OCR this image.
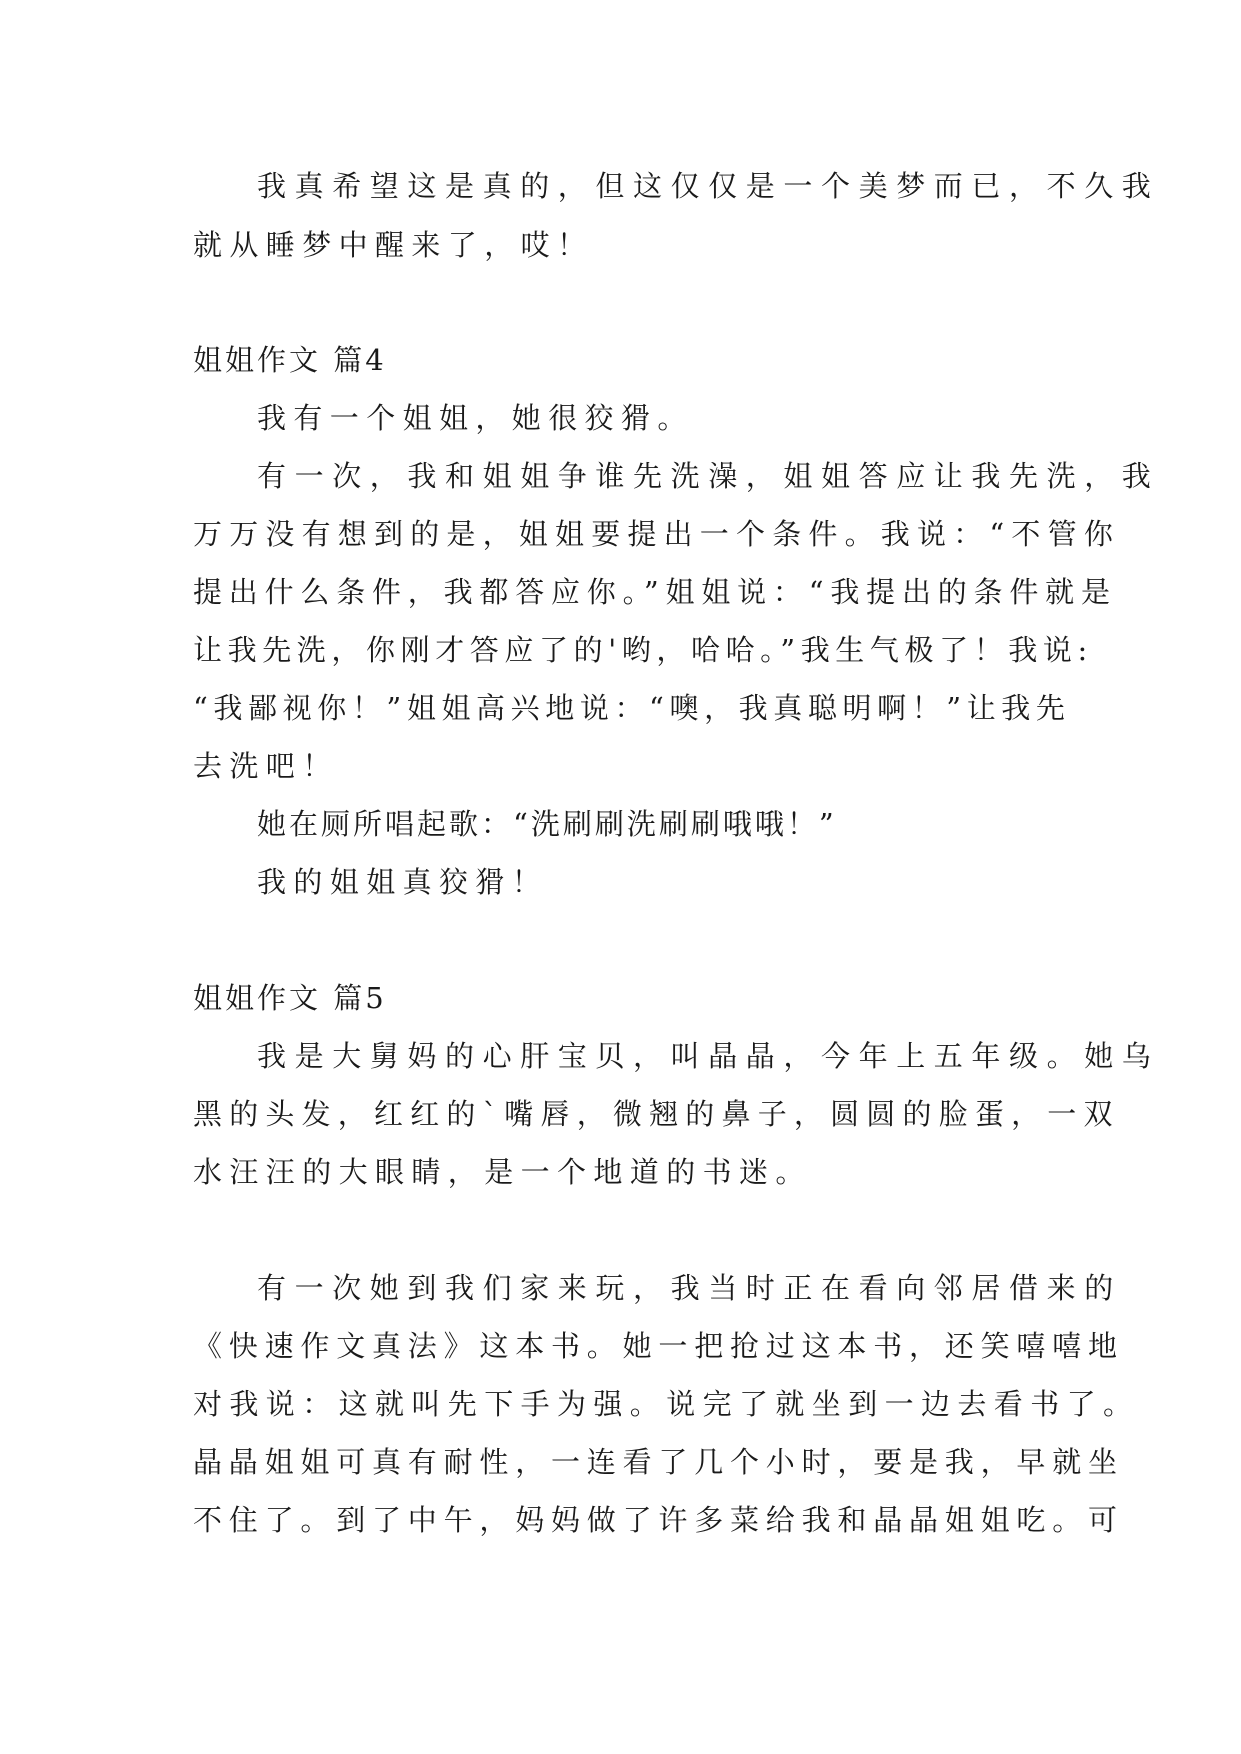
我真希望这是真的，但这仅仅是一个美梦而已，不久我
就从睡梦中醒来了，哎！
姐姐作文 篇4
我有一个姐姐，她很狡猾。
有一次，我和姐姐争谁先洗澡，姐姐答应让我先洗，我
万万没有想到的是，姐姐要提出一个条件。我说：“不管你
提出什么条件，我都答应你。”姐姐说：“我提出的条件就是
让我先洗，你刚才答应了的'哟，哈哈。”我生气极了！我说:
“我鄙视你！”姐姐高兴地说：“噢，我真聪明啊！”让我先
去洗吧！
她在厕所唱起歌：“洗刷刷洗刷刷哦哦！”
我的姐姐真狡猾！
姐姐作文 篇5
我是大舅妈的心肝宝贝，叫晶晶，今年上五年级。她乌
黑的头发，红红的`嘴唇，微翘的鼻子，圆圆的脸蛋，一双
水汪汪的大眼睛，是一个地道的书迷。
有一次她到我们家来玩，我当时正在看向邻居借来的
《快速作文真法》这本书。她一把抢过这本书，还笑嘻嘻地
对我说：这就叫先下手为强。说完了就坐到一边去看书了。
晶晶姐姐可真有耐性，一连看了几个小时，要是我，早就坐
不住了。到了中午，妈妈做了许多菜给我和晶晶姐姐吃。可
